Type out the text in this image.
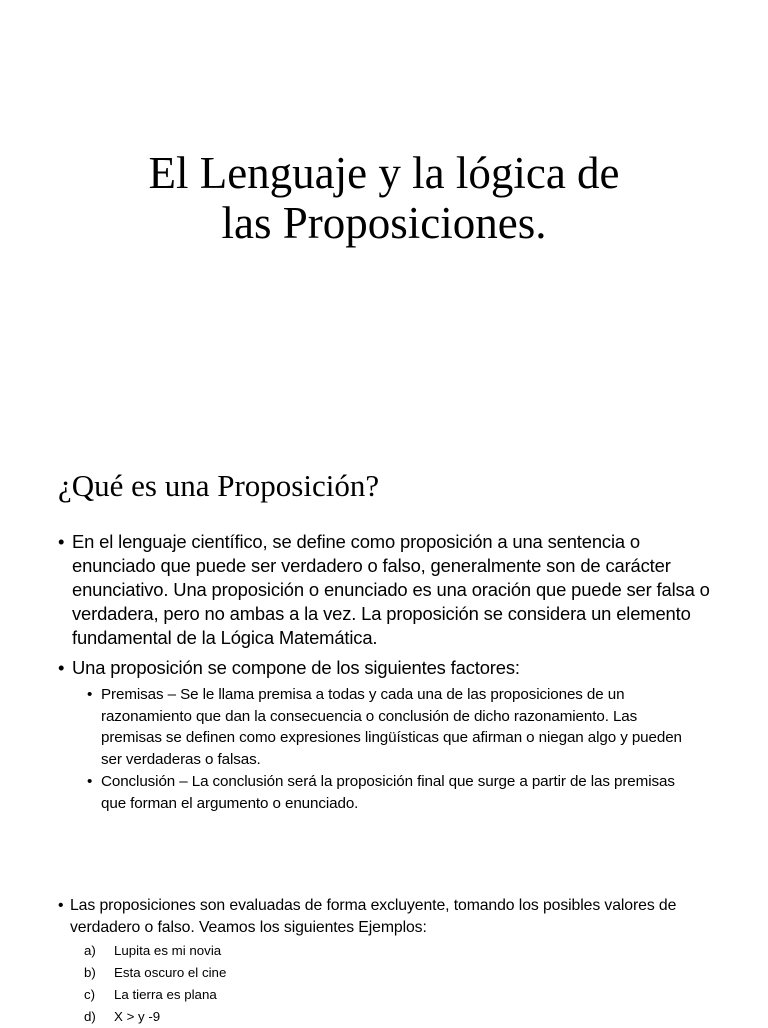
El Lenguaje y la lógica de
las Proposiciones.
¿Qué es una Proposición?

• En el lenguaje científico, se define como proposición a una sentencia o enunciado que puede ser verdadero o falso, generalmente son de carácter enunciativo. Una proposición o enunciado es una oración que puede ser falsa o verdadera, pero no ambas a la vez. La proposición se considera un elemento fundamental de la Lógica Matemática.

• Una proposición se compone de los siguientes factores:

• Premisas – Se le llama premisa a todas y cada una de las proposiciones de un razonamiento que dan la consecuencia o conclusión de dicho razonamiento. Las premisas se definen como expresiones lingüísticas que afirman o niegan algo y pueden ser verdaderas o falsas.

• Conclusión – La conclusión será la proposición final que surge a partir de las premisas que forman el argumento o enunciado.

• Las proposiciones son evaluadas de forma excluyente, tomando los posibles valores de verdadero o falso. Veamos los siguientes Ejemplos:

a) Lupita es mi novia
b) Esta oscuro el cine
c) La tierra es plana
d) X > y -9
